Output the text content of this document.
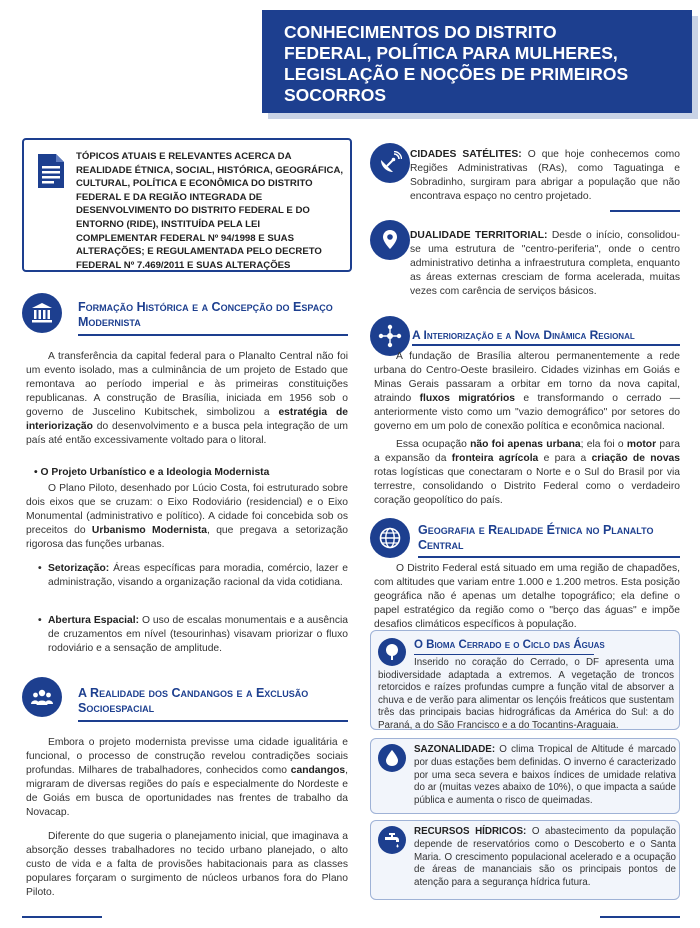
CONHECIMENTOS DO DISTRITO
FEDERAL, POLÍTICA PARA MULHERES,
LEGISLAÇÃO E NOÇÕES DE PRIMEIROS
SOCORROS
TÓPICOS ATUAIS E RELEVANTES ACERCA DA REALIDADE ÉTNICA, SOCIAL, HISTÓRICA, GEOGRÁFICA, CULTURAL, POLÍTICA E ECONÔMICA DO DISTRITO FEDERAL E DA REGIÃO INTEGRADA DE DESENVOLVIMENTO DO DISTRITO FEDERAL E DO ENTORNO (RIDE), INSTITUÍDA PELA LEI COMPLEMENTAR FEDERAL Nº 94/1998 E SUAS ALTERAÇÕES; E REGULAMENTADA PELO DECRETO FEDERAL Nº 7.469/2011 E SUAS ALTERAÇÕES
Formação Histórica e a Concepção do Espaço
Modernista
A transferência da capital federal para o Planalto Central não foi um evento isolado, mas a culminância de um projeto de Estado que remontava ao período imperial e às primeiras constituições republicanas. A construção de Brasília, iniciada em 1956 sob o governo de Juscelino Kubitschek, simbolizou a estratégia de interiorização do desenvolvimento e a busca pela integração de um país até então excessivamente voltado para o litoral.
• O Projeto Urbanístico e a Ideologia Modernista
O Plano Piloto, desenhado por Lúcio Costa, foi estruturado sobre dois eixos que se cruzam: o Eixo Rodoviário (residencial) e o Eixo Monumental (administrativo e político). A cidade foi concebida sob os preceitos do Urbanismo Modernista, que pregava a setorização rigorosa das funções urbanas.
• Setorização: Áreas específicas para moradia, comércio, lazer e administração, visando a organização racional da vida cotidiana.
• Abertura Espacial: O uso de escalas monumentais e a ausência de cruzamentos em nível (tesourinhas) visavam priorizar o fluxo rodoviário e a sensação de amplitude.
A Realidade dos Candangos e a Exclusão
Socioespacial
Embora o projeto modernista previsse uma cidade igualitária e funcional, o processo de construção revelou contradições sociais profundas. Milhares de trabalhadores, conhecidos como candangos, migraram de diversas regiões do país e especialmente do Nordeste e de Goiás em busca de oportunidades nas frentes de trabalho da Novacap.
Diferente do que sugeria o planejamento inicial, que imaginava a absorção desses trabalhadores no tecido urbano planejado, o alto custo de vida e a falta de provisões habitacionais para as classes populares forçaram o surgimento de núcleos urbanos fora do Plano Piloto.
CIDADES SATÉLITES: O que hoje conhecemos como Regiões Administrativas (RAs), como Taguatinga e Sobradinho, surgiram para abrigar a população que não encontrava espaço no centro projetado.
DUALIDADE TERRITORIAL: Desde o início, consolidou-se uma estrutura de "centro-periferia", onde o centro administrativo detinha a infraestrutura completa, enquanto as áreas externas cresciam de forma acelerada, muitas vezes com carência de serviços básicos.
A Interiorização e a Nova Dinâmica Regional
A fundação de Brasília alterou permanentemente a rede urbana do Centro-Oeste brasileiro. Cidades vizinhas em Goiás e Minas Gerais passaram a orbitar em torno da nova capital, atraindo fluxos migratórios e transformando o cerrado — anteriormente visto como um "vazio demográfico" por setores do governo em um polo de conexão política e econômica nacional.
Essa ocupação não foi apenas urbana; ela foi o motor para a expansão da fronteira agrícola e para a criação de novas rotas logísticas que conectaram o Norte e o Sul do Brasil por via terrestre, consolidando o Distrito Federal como o verdadeiro coração geopolítico do país.
Geografia e Realidade Étnica no Planalto
Central
O Distrito Federal está situado em uma região de chapadões, com altitudes que variam entre 1.000 e 1.200 metros. Esta posição geográfica não é apenas um detalhe topográfico; ela define o papel estratégico da região como o "berço das águas" e impõe desafios climáticos específicos à população.
O Bioma Cerrado e o Ciclo das Águas
Inserido no coração do Cerrado, o DF apresenta uma biodiversidade adaptada a extremos. A vegetação de troncos retorcidos e raízes profundas cumpre a função vital de absorver a chuva e de verão para alimentar os lençóis freáticos que sustentam três das principais bacias hidrográficas da América do Sul: a do Paraná, a do São Francisco e a do Tocantins-Araguaia.
SAZONALIDADE: O clima Tropical de Altitude é marcado por duas estações bem definidas. O inverno é caracterizado por uma seca severa e baixos índices de umidade relativa do ar (muitas vezes abaixo de 10%), o que impacta a saúde pública e aumenta o risco de queimadas.
RECURSOS HÍDRICOS: O abastecimento da população depende de reservatórios como o Descoberto e o Santa Maria. O crescimento populacional acelerado e a ocupação de áreas de mananciais são os principais pontos de atenção para a segurança hídrica futura.
